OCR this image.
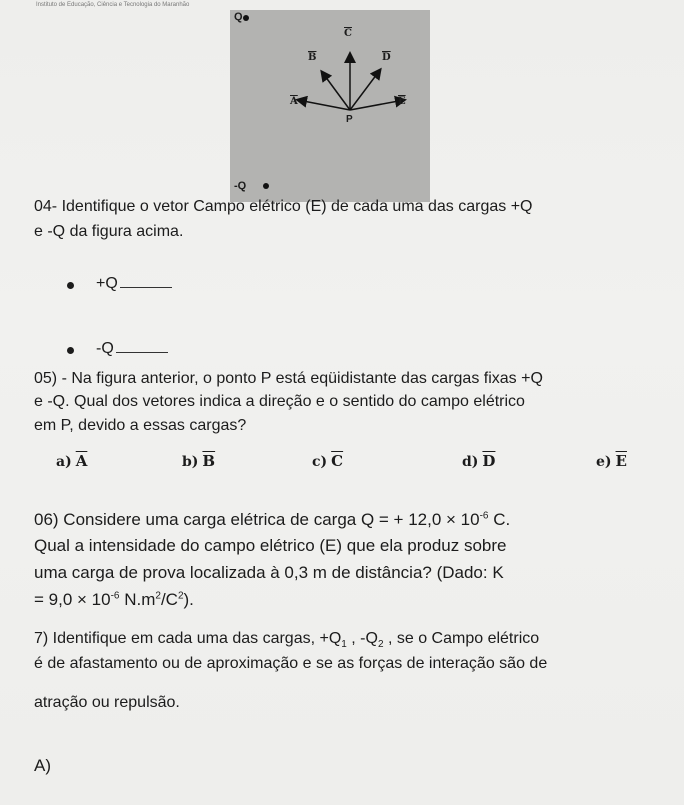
Instituto de Educação, Ciência e Tecnologia do Maranhão
Q
-Q
P
$\overline{C}$
$\overline{B}$	$\overline{D}$
$\overline{A}$	$\overline{E}$
04- Identifique o vetor Campo elétrico (E) de cada uma das cargas +Q
e -Q da figura acima.
+Q
-Q
05) - Na figura anterior, o ponto P está eqüidistante das cargas fixas +Q
e -Q. Qual dos vetores indica a direção e o sentido do campo elétrico
em P, devido a essas cargas?
a) $\overline{A}$	b) $\overline{B}$	c) $\overline{C}$	d) $\overline{D}$	e) $\overline{E}$
06) Considere uma carga elétrica de carga Q = + $12,0 \times 10^{-6}$ C.
Qual a intensidade do campo elétrico (E) que ela produz sobre
uma carga de prova localizada à 0,3 m de distância? (Dado: K
= $9,0 \times 10^{-6}$ $N.m^2/C^2$).
7) Identifique em cada uma das cargas, $+Q_1$ , $-Q_2$ , se o Campo elétrico
é de afastamento ou de aproximação e se as forças de interação são de
atração ou repulsão.
A)
